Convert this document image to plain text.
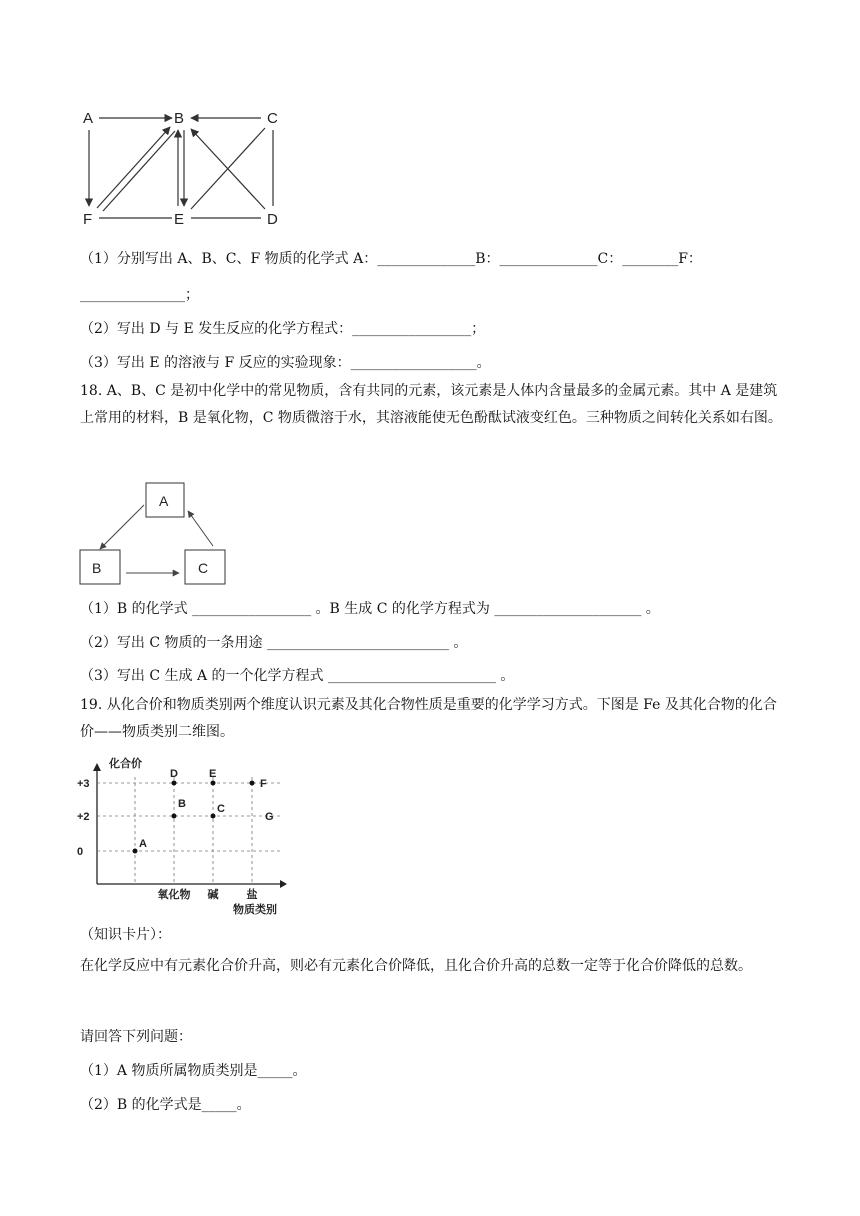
A	B	C
F	E	D
（1）分别写出 A、B、C、F 物质的化学式 A：______________B：______________C：________F：
_______________；
（2）写出 D 与 E 发生反应的化学方程式：_________________；
（3）写出 E 的溶液与 F 反应的实验现象：__________________。
18. A、B、C 是初中化学中的常见物质，含有共同的元素，该元素是人体内含量最多的金属元素。其中 A 是建筑上常用的材料，B 是氧化物，C 物质微溶于水，其溶液能使无色酚酞试液变红色。三种物质之间转化关系如右图。
A
B	C
（1）B 的化学式 _________________ 。B 生成 C 的化学方程式为 _____________________ 。
（2）写出 C 物质的一条用途 __________________________ 。
（3）写出 C 生成 A 的一个化学方程式 ________________________ 。
19. 从化合价和物质类别两个维度认识元素及其化合物性质是重要的化学学习方式。下图是 Fe 及其化合物的化合价——物质类别二维图。
化合价
+3
+2
0
氧化物 碱	盐
物质类别
A
B	C
D	E
F
G
（知识卡片）：
在化学反应中有元素化合价升高，则必有元素化合价降低，且化合价升高的总数一定等于化合价降低的总数。
请回答下列问题：
（1）A 物质所属物质类别是_____。
（2）B 的化学式是_____。
